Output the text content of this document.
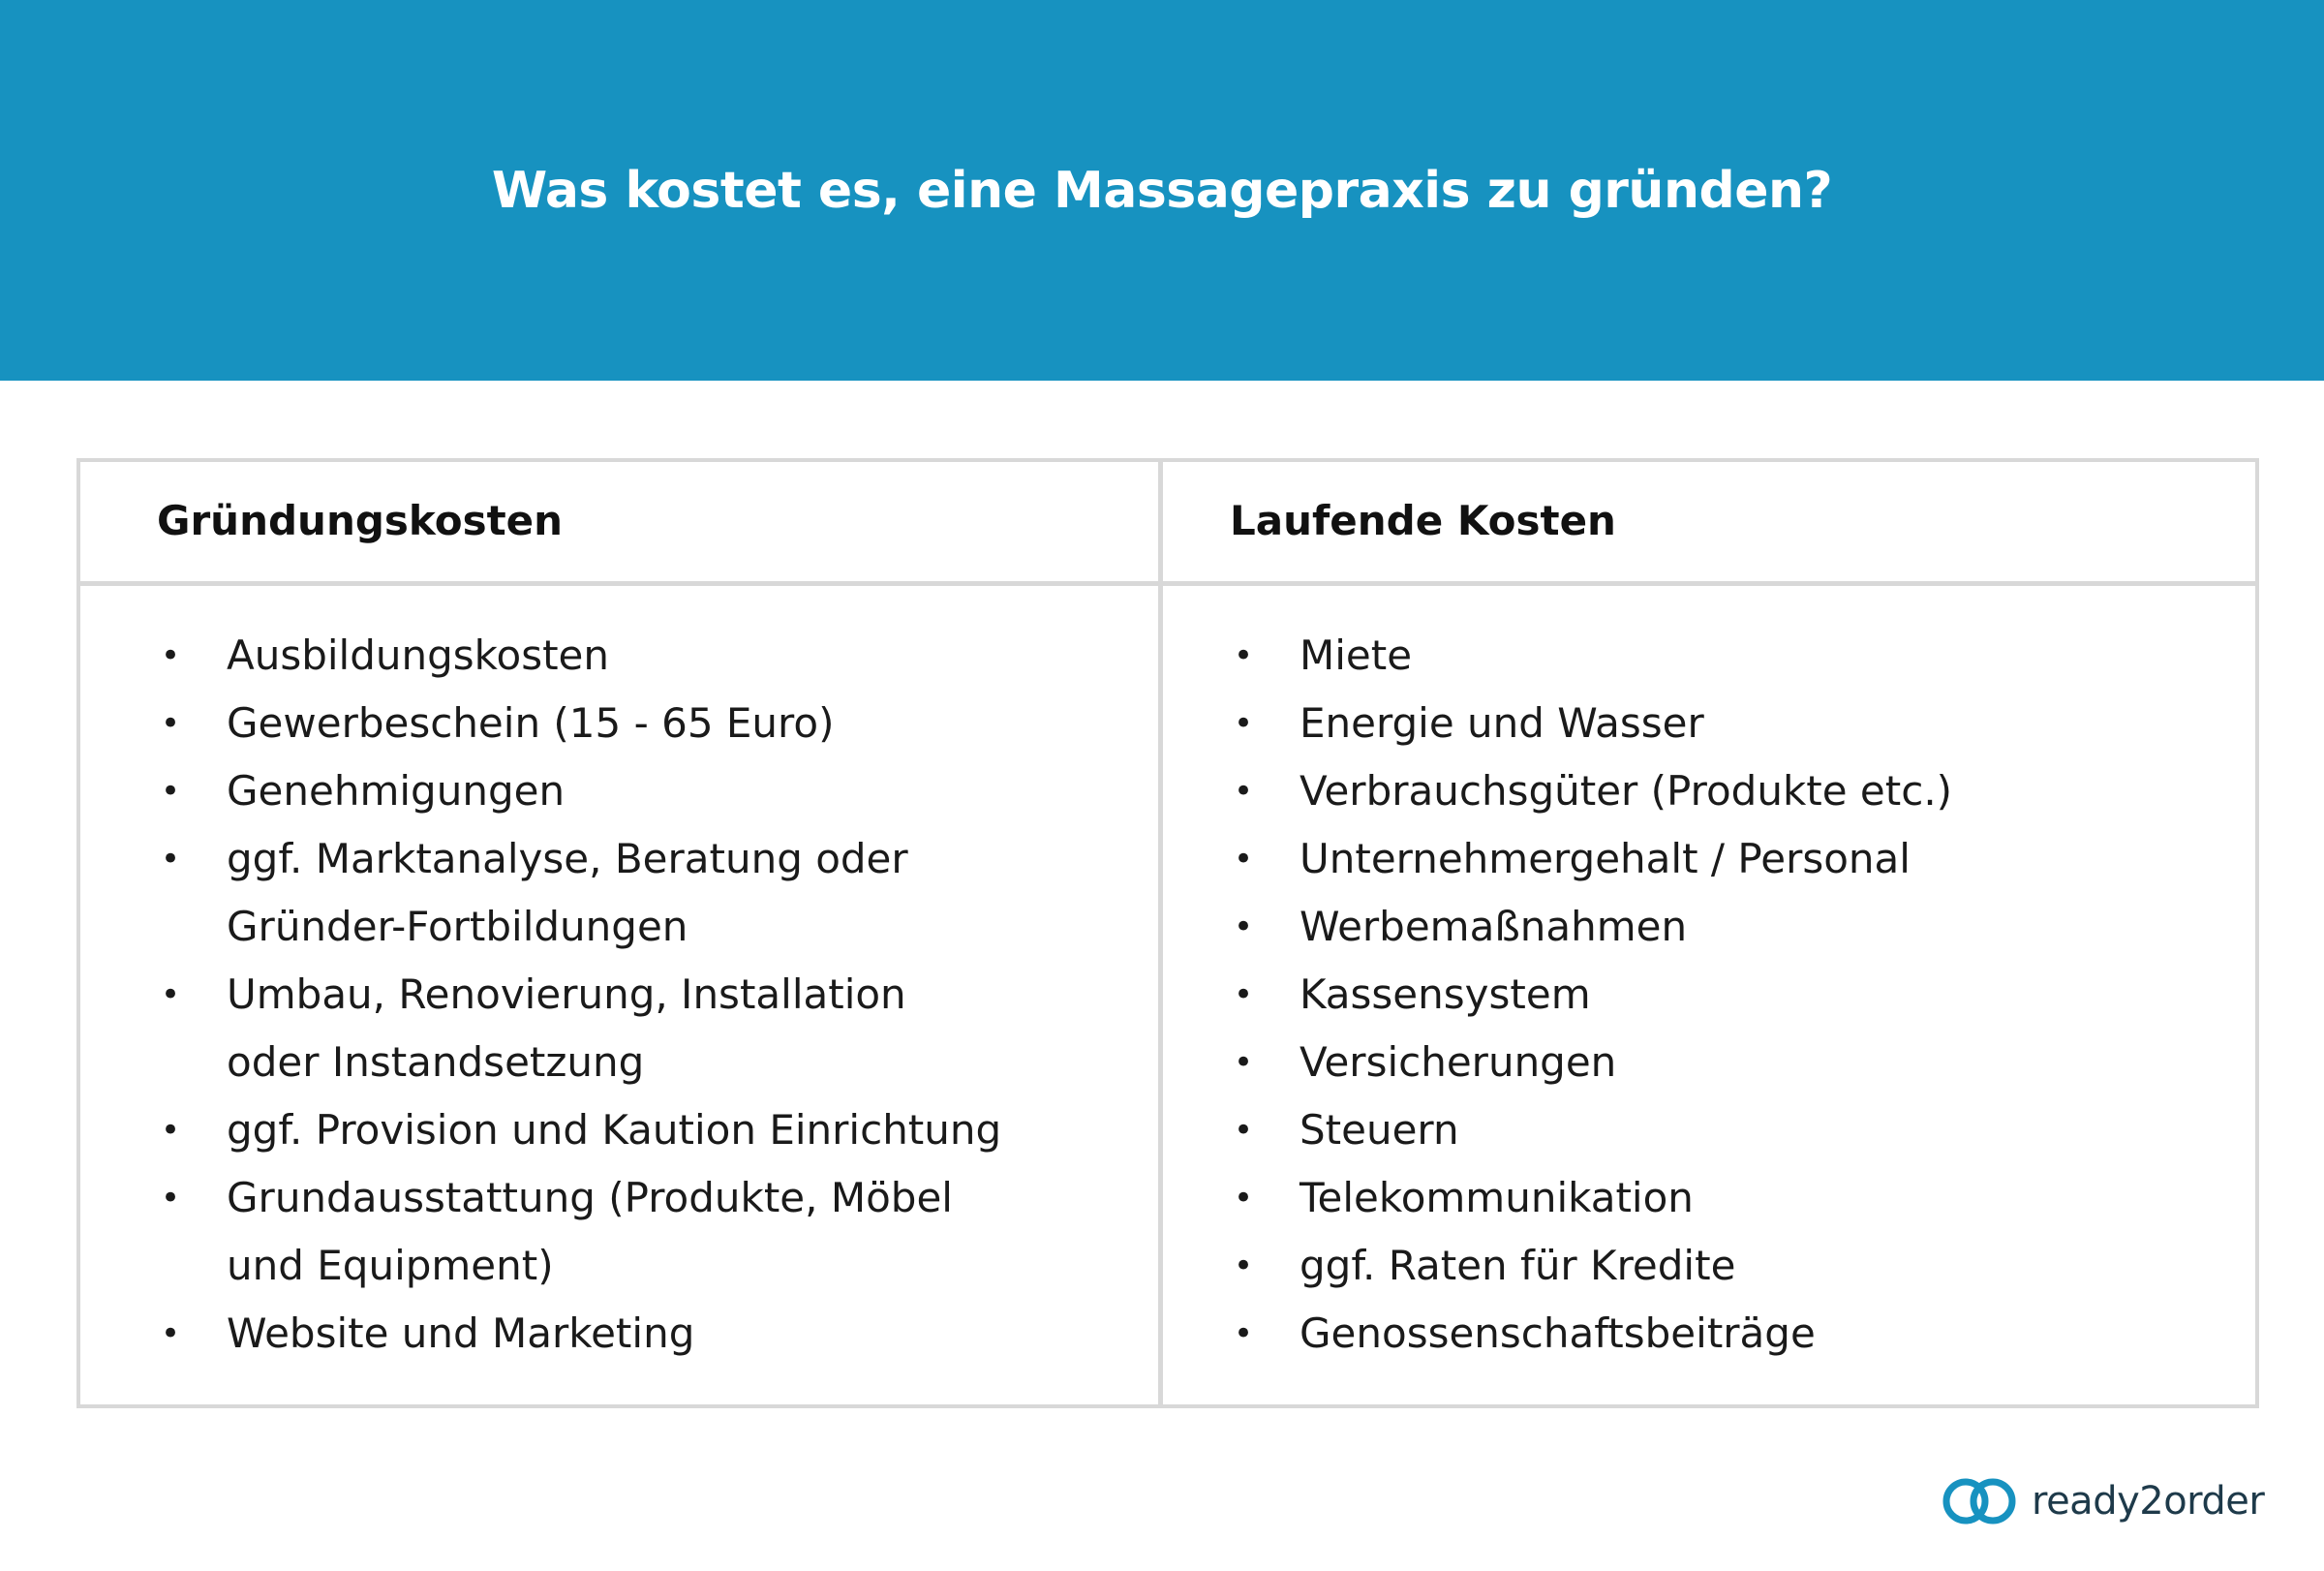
Was kostet es, eine Massagepraxis zu gründen?
Gründungskosten	Laufende Kosten
• Ausbildungskosten
• Gewerbeschein (15 - 65 Euro)
• Genehmigungen
• ggf. Marktanalyse, Beratung oder
Gründer-Fortbildungen
• Umbau, Renovierung, Installation
oder Instandsetzung
• ggf. Provision und Kaution Einrichtung
• Grundausstattung (Produkte, Möbel
und Equipment)
• Website und Marketing
• Miete
• Energie und Wasser
• Verbrauchsgüter (Produkte etc.)
• Unternehmergehalt / Personal
• Werbemaßnahmen
• Kassensystem
• Versicherungen
• Steuern
• Telekommunikation
• ggf. Raten für Kredite
• Genossenschaftsbeiträge
ready2order
